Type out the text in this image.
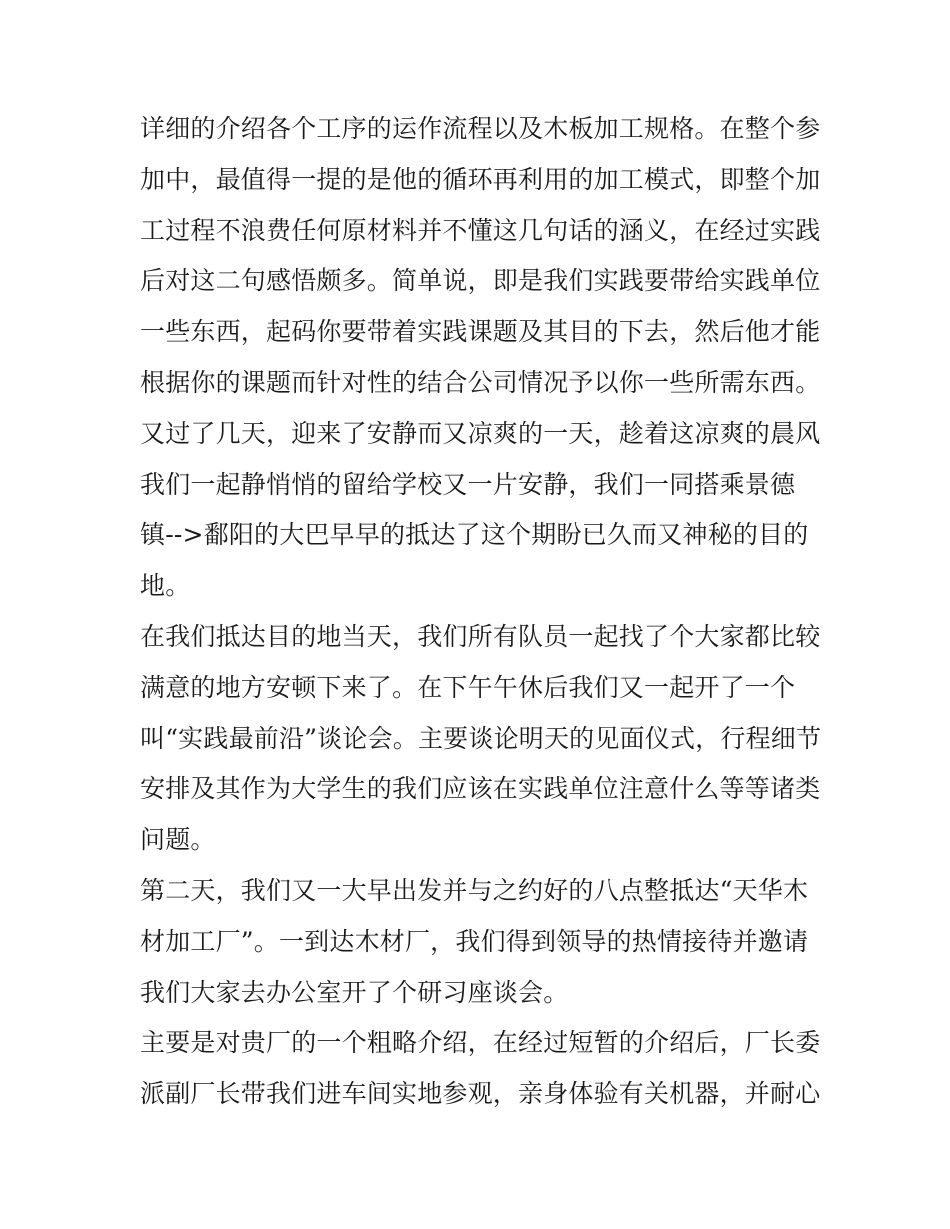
详细的介绍各个工序的运作流程以及木板加工规格。在整个参
加中，最值得一提的是他的循环再利用的加工模式，即整个加
工过程不浪费任何原材料并不懂这几句话的涵义，在经过实践
后对这二句感悟颇多。简单说，即是我们实践要带给实践单位
一些东西，起码你要带着实践课题及其目的下去，然后他才能
根据你的课题而针对性的结合公司情况予以你一些所需东西。
又过了几天，迎来了安静而又凉爽的一天，趁着这凉爽的晨风
我们一起静悄悄的留给学校又一片安静，我们一同搭乘景德
镇-->鄱阳的大巴早早的抵达了这个期盼已久而又神秘的目的
地。
在我们抵达目的地当天，我们所有队员一起找了个大家都比较
满意的地方安顿下来了。在下午午休后我们又一起开了一个
叫“实践最前沿”谈论会。主要谈论明天的见面仪式，行程细节
安排及其作为大学生的我们应该在实践单位注意什么等等诸类
问题。
第二天，我们又一大早出发并与之约好的八点整抵达“天华木
材加工厂”。一到达木材厂，我们得到领导的热情接待并邀请
我们大家去办公室开了个研习座谈会。
主要是对贵厂的一个粗略介绍，在经过短暂的介绍后，厂长委
派副厂长带我们进车间实地参观，亲身体验有关机器，并耐心
